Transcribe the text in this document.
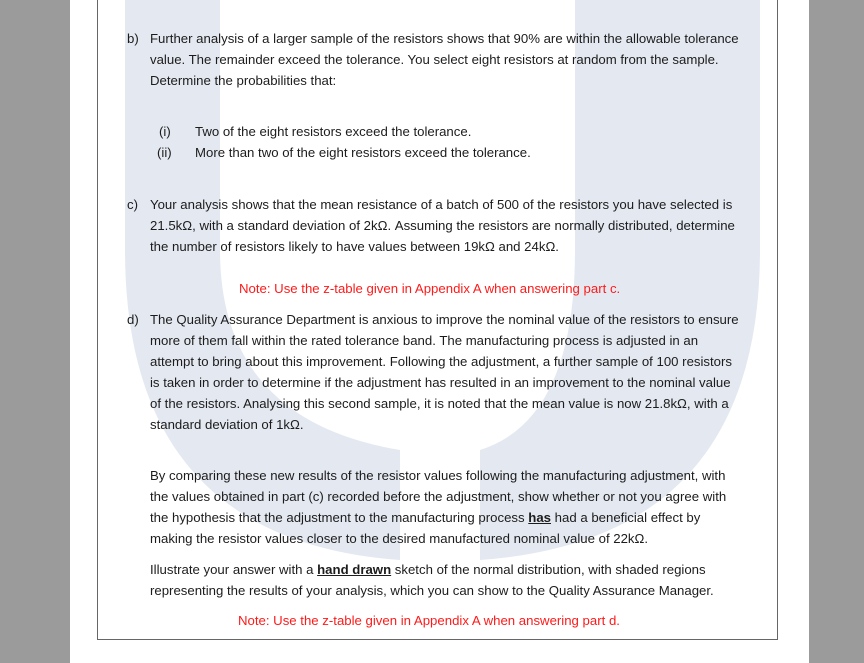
b) Further analysis of a larger sample of the resistors shows that 90% are within the allowable tolerance
value. The remainder exceed the tolerance. You select eight resistors at random from the sample.
Determine the probabilities that:
(i) Two of the eight resistors exceed the tolerance.
(ii) More than two of the eight resistors exceed the tolerance.
c) Your analysis shows that the mean resistance of a batch of 500 of the resistors you have selected is
21.5kΩ, with a standard deviation of 2kΩ. Assuming the resistors are normally distributed, determine
the number of resistors likely to have values between 19kΩ and 24kΩ.
Note: Use the z-table given in Appendix A when answering part c.
d) The Quality Assurance Department is anxious to improve the nominal value of the resistors to ensure
more of them fall within the rated tolerance band. The manufacturing process is adjusted in an
attempt to bring about this improvement. Following the adjustment, a further sample of 100 resistors
is taken in order to determine if the adjustment has resulted in an improvement to the nominal value
of the resistors. Analysing this second sample, it is noted that the mean value is now 21.8kΩ, with a
standard deviation of 1kΩ.
By comparing these new results of the resistor values following the manufacturing adjustment, with
the values obtained in part (c) recorded before the adjustment, show whether or not you agree with
the hypothesis that the adjustment to the manufacturing process has had a beneficial effect by
making the resistor values closer to the desired manufactured nominal value of 22kΩ.
Illustrate your answer with a hand drawn sketch of the normal distribution, with shaded regions
representing the results of your analysis, which you can show to the Quality Assurance Manager.
Note: Use the z-table given in Appendix A when answering part d.
